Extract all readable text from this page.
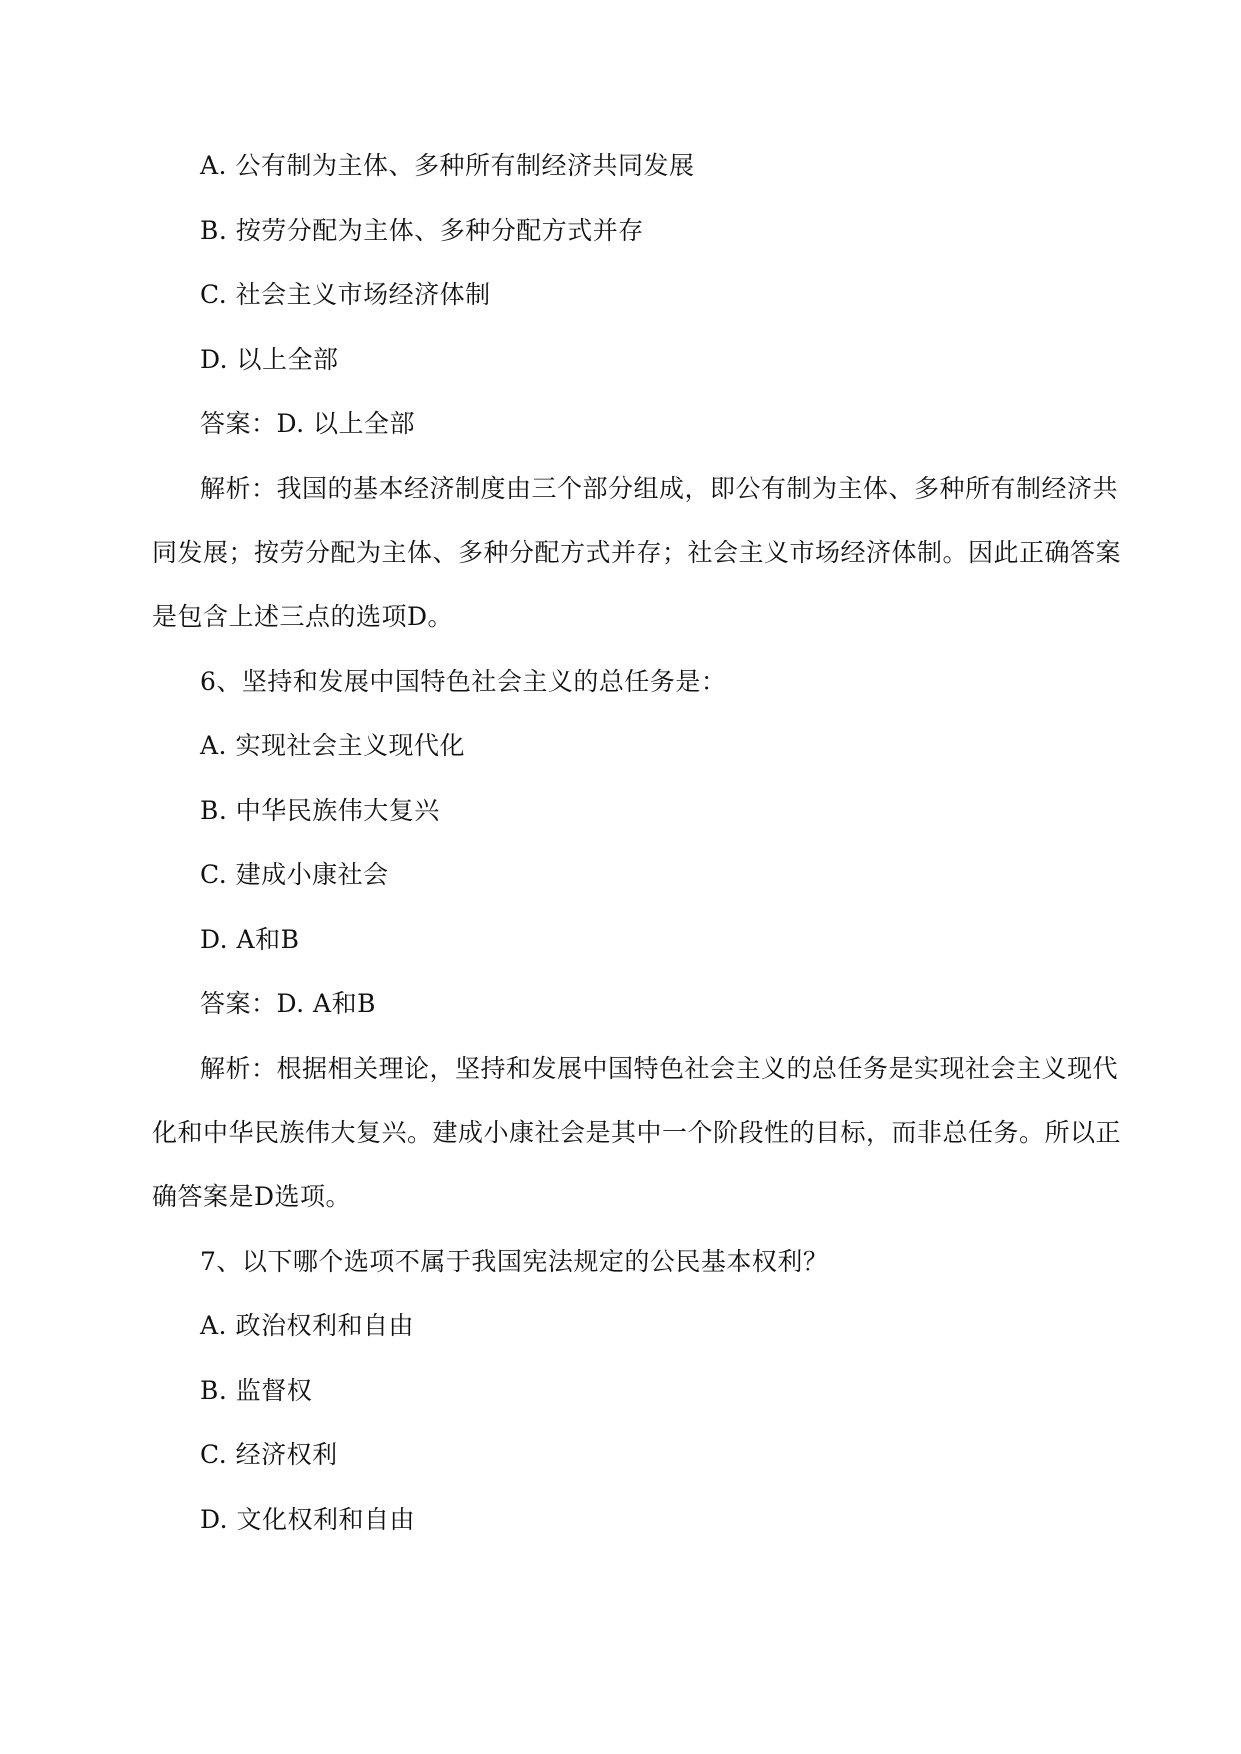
A. 公有制为主体、多种所有制经济共同发展
B. 按劳分配为主体、多种分配方式并存
C. 社会主义市场经济体制
D. 以上全部
答案：D. 以上全部
解析：我国的基本经济制度由三个部分组成，即公有制为主体、多种所有制经济共
同发展；按劳分配为主体、多种分配方式并存；社会主义市场经济体制。因此正确答案
是包含上述三点的选项D。
6、坚持和发展中国特色社会主义的总任务是：
A. 实现社会主义现代化
B. 中华民族伟大复兴
C. 建成小康社会
D. A和B
答案：D. A和B
解析：根据相关理论，坚持和发展中国特色社会主义的总任务是实现社会主义现代
化和中华民族伟大复兴。建成小康社会是其中一个阶段性的目标，而非总任务。所以正
确答案是D选项。
7、以下哪个选项不属于我国宪法规定的公民基本权利？
A. 政治权利和自由
B. 监督权
C. 经济权利
D. 文化权利和自由
